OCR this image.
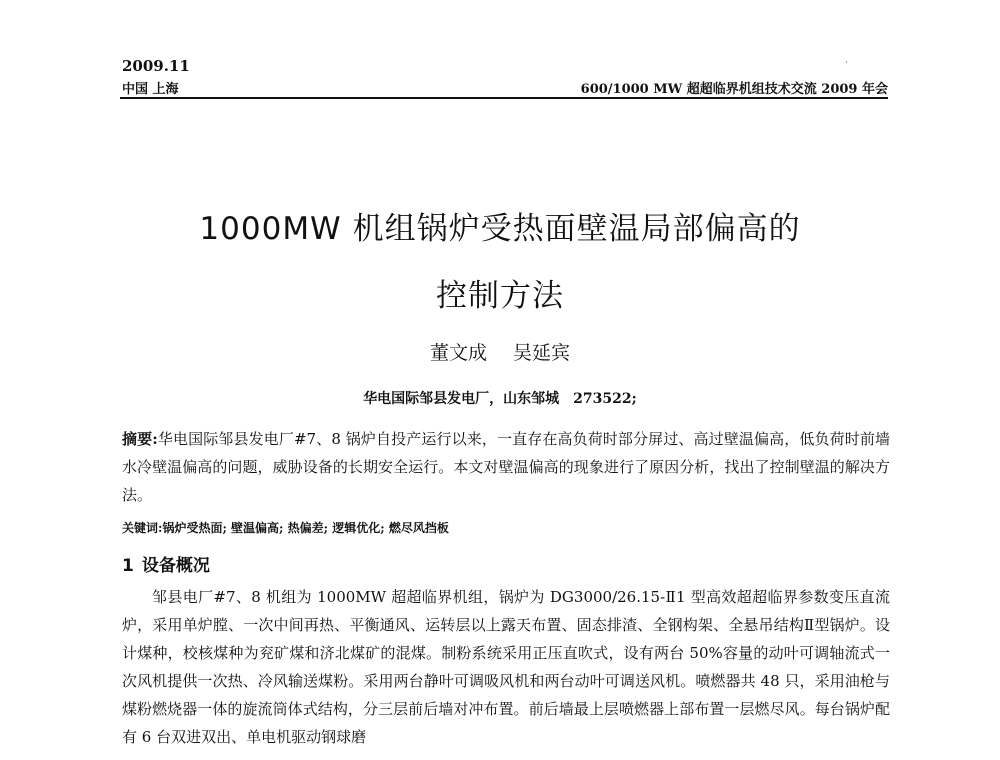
2009.11
中国 上海	600/1000 MW 超超临界机组技术交流 2009 年会
·
1000MW 机组锅炉受热面壁温局部偏高的
控制方法
董文成 吴延宾
华电国际邹县发电厂，山东邹城　273522;
摘要:华电国际邹县发电厂#7、8 锅炉自投产运行以来，一直存在高负荷时部分屏过、高过壁温偏高，低负荷时前墙水冷壁温偏高的问题，威胁设备的长期安全运行。本文对壁温偏高的现象进行了原因分析，找出了控制壁温的解决方法。
关键词:锅炉受热面; 壁温偏高; 热偏差; 逻辑优化; 燃尽风挡板
1 设备概况
邹县电厂#7、8 机组为 1000MW 超超临界机组，锅炉为 DG3000/26.15-Ⅱ1 型高效超超临界参数变压直流炉，采用单炉膛、一次中间再热、平衡通风、运转层以上露天布置、固态排渣、全钢构架、全悬吊结构Ⅱ型锅炉。设计煤种，校核煤种为兖矿煤和济北煤矿的混煤。制粉系统采用正压直吹式，设有两台 50%容量的动叶可调轴流式一次风机提供一次热、冷风输送煤粉。采用两台静叶可调吸风机和两台动叶可调送风机。喷燃器共 48 只，采用油枪与煤粉燃烧器一体的旋流筒体式结构，分三层前后墙对冲布置。前后墙最上层喷燃器上部布置一层燃尽风。每台锅炉配有 6 台双进双出、单电机驱动钢球磨
